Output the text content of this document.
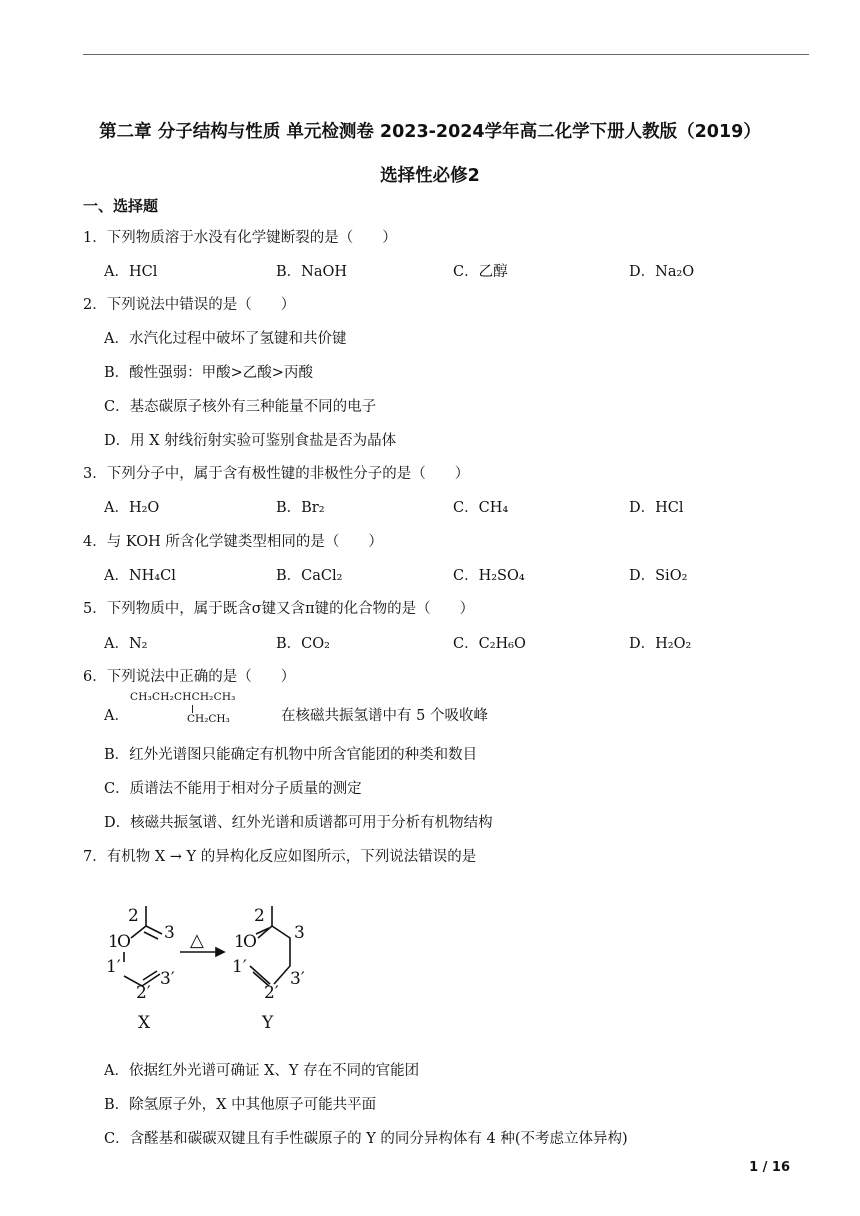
第二章 分子结构与性质 单元检测卷 2023-2024学年高二化学下册人教版（2019）
选择性必修2
一、选择题
1．下列物质溶于水没有化学键断裂的是（　　）
A．HCl	B．NaOH	C．乙醇	D．Na₂O
2．下列说法中错误的是（　　）
A．水汽化过程中破坏了氢键和共价键
B．酸性强弱：甲酸>乙酸>丙酸
C．基态碳原子核外有三种能量不同的电子
D．用 X 射线衍射实验可鉴别食盐是否为晶体
3．下列分子中，属于含有极性键的非极性分子的是（　　）
A．H₂O	B．Br₂	C．CH₄	D．HCl
4．与 KOH 所含化学键类型相同的是（　　）
A．NH₄Cl	B．CaCl₂	C．H₂SO₄	D．SiO₂
5．下列物质中，属于既含σ键又含π键的化合物的是（　　）
A．N₂	B．CO₂	C．C₂H₆O	D．H₂O₂
6．下列说法中正确的是（　　）
A．
CH₃CH₂CHCH₂CH₃
CH₂CH₃	在核磁共振氢谱中有 5 个吸收峰
B．红外光谱图只能确定有机物中所含官能团的种类和数目
C．质谱法不能用于相对分子质量的测定
D．核磁共振氢谱、红外光谱和质谱都可用于分析有机物结构
7．有机物 X → Y 的异构化反应如图所示，下列说法错误的是
2
3
1
O
1′
2′
3′
X
2
3
1
O
1′
2′
3′
Y
△
A．依据红外光谱可确证 X、Y 存在不同的官能团
B．除氢原子外，X 中其他原子可能共平面
C．含醛基和碳碳双键且有手性碳原子的 Y 的同分异构体有 4 种(不考虑立体异构)
1 / 16
